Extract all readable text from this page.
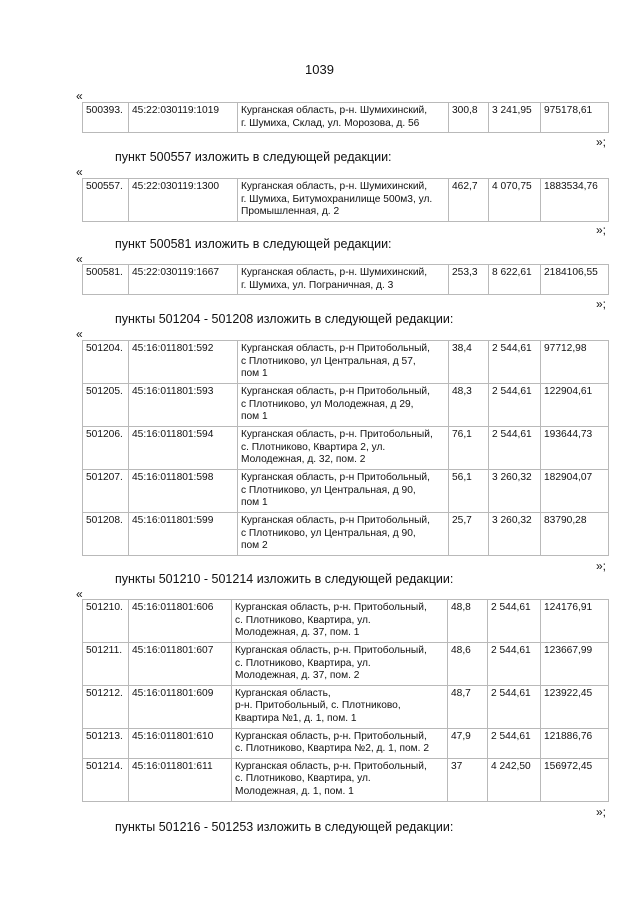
1039
«
500393.	45:22:030119:1019	Курганская область, р-н. Шумихинский,
г. Шумиха, Склад, ул. Морозова, д. 56	300,8	3 241,95	975178,61
»;
пункт 500557 изложить в следующей редакции:
«
500557.	45:22:030119:1300	Курганская область, р-н. Шумихинский,
г. Шумиха, Битумохранилище 500м3, ул.
Промышленная, д. 2	462,7	4 070,75	1883534,76
»;
пункт 500581 изложить в следующей редакции:
«
500581.	45:22:030119:1667	Курганская область, р-н. Шумихинский,
г. Шумиха, ул. Пограничная, д. 3	253,3	8 622,61	2184106,55
»;
пункты 501204 - 501208 изложить в следующей редакции:
«
501204.	45:16:011801:592	Курганская область, р-н Притобольный,
с Плотниково, ул Центральная, д 57,
пом 1	38,4	2 544,61	97712,98
501205.	45:16:011801:593	Курганская область, р-н Притобольный,
с Плотниково, ул Молодежная, д 29,
пом 1	48,3	2 544,61	122904,61
501206.	45:16:011801:594	Курганская область, р-н. Притобольный,
с. Плотниково, Квартира 2, ул.
Молодежная, д. 32, пом. 2	76,1	2 544,61	193644,73
501207.	45:16:011801:598	Курганская область, р-н Притобольный,
с Плотниково, ул Центральная, д 90,
пом 1	56,1	3 260,32	182904,07
501208.	45:16:011801:599	Курганская область, р-н Притобольный,
с Плотниково, ул Центральная, д 90,
пом 2	25,7	3 260,32	83790,28
»;
пункты 501210 - 501214 изложить в следующей редакции:
«
501210.	45:16:011801:606	Курганская область, р-н. Притобольный,
с. Плотниково, Квартира, ул.
Молодежная, д. 37, пом. 1	48,8	2 544,61	124176,91
501211.	45:16:011801:607	Курганская область, р-н. Притобольный,
с. Плотниково, Квартира, ул.
Молодежная, д. 37, пом. 2	48,6	2 544,61	123667,99
501212.	45:16:011801:609	Курганская область,
р-н. Притобольный, с. Плотниково,
Квартира №1, д. 1, пом. 1	48,7	2 544,61	123922,45
501213.	45:16:011801:610	Курганская область, р-н. Притобольный,
с. Плотниково, Квартира №2, д. 1, пом. 2	47,9	2 544,61	121886,76
501214.	45:16:011801:611	Курганская область, р-н. Притобольный,
с. Плотниково, Квартира, ул.
Молодежная, д. 1, пом. 1	37	4 242,50	156972,45
»;
пункты 501216 - 501253 изложить в следующей редакции:
